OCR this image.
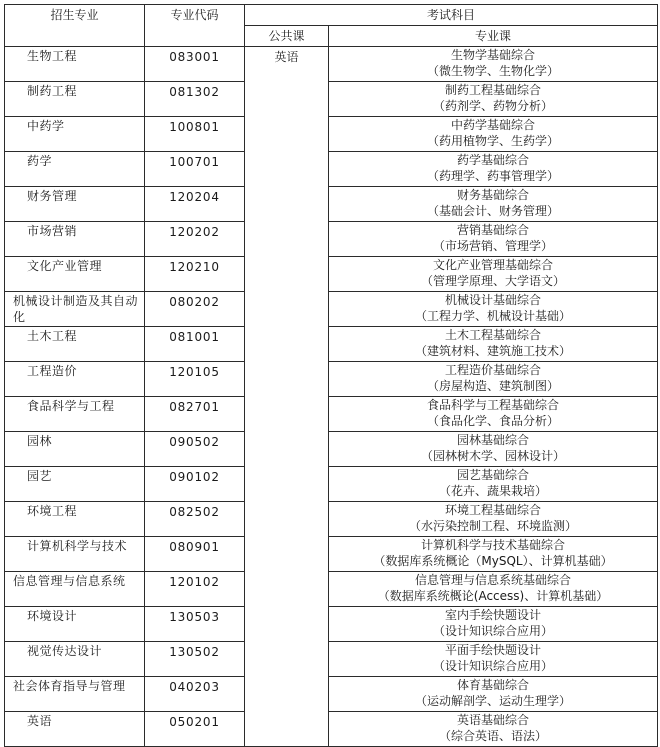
招生专业	专业代码	考试科目	
		公共课	专业课
生物工程	083001	英语	生物学基础综合
（微生物学、生物化学）

制药工程	081302		制药工程基础综合
（药剂学、药物分析）

中药学	100801		中药学基础综合
（药用植物学、生药学）

药学	100701		药学基础综合
（药理学、药事管理学）

财务管理	120204		财务基础综合
（基础会计、财务管理）

市场营销	120202		营销基础综合
（市场营销、管理学）

文化产业管理	120210		文化产业管理基础综合
（管理学原理、大学语文）

机械设计制造及其自动化	080202		机械设计基础综合
（工程力学、机械设计基础）

土木工程	081001		土木工程基础综合
（建筑材料、建筑施工技术）

工程造价	120105		工程造价基础综合
（房屋构造、建筑制图）

食品科学与工程	082701		食品科学与工程基础综合
（食品化学、食品分析）

园林	090502		园林基础综合
（园林树木学、园林设计）

园艺	090102		园艺基础综合
（花卉、蔬果栽培）

环境工程	082502		环境工程基础综合
（水污染控制工程、环境监测）

计算机科学与技术	080901		计算机科学与技术基础综合
（数据库系统概论（MySQL）、计算机基础）

信息管理与信息系统	120102		信息管理与信息系统基础综合
（数据库系统概论(Access)、计算机基础）

环境设计	130503		室内手绘快题设计
（设计知识综合应用）

视觉传达设计	130502		平面手绘快题设计
（设计知识综合应用）

社会体育指导与管理	040203		体育基础综合
（运动解剖学、运动生理学）

英语	050201		英语基础综合
（综合英语、语法）
